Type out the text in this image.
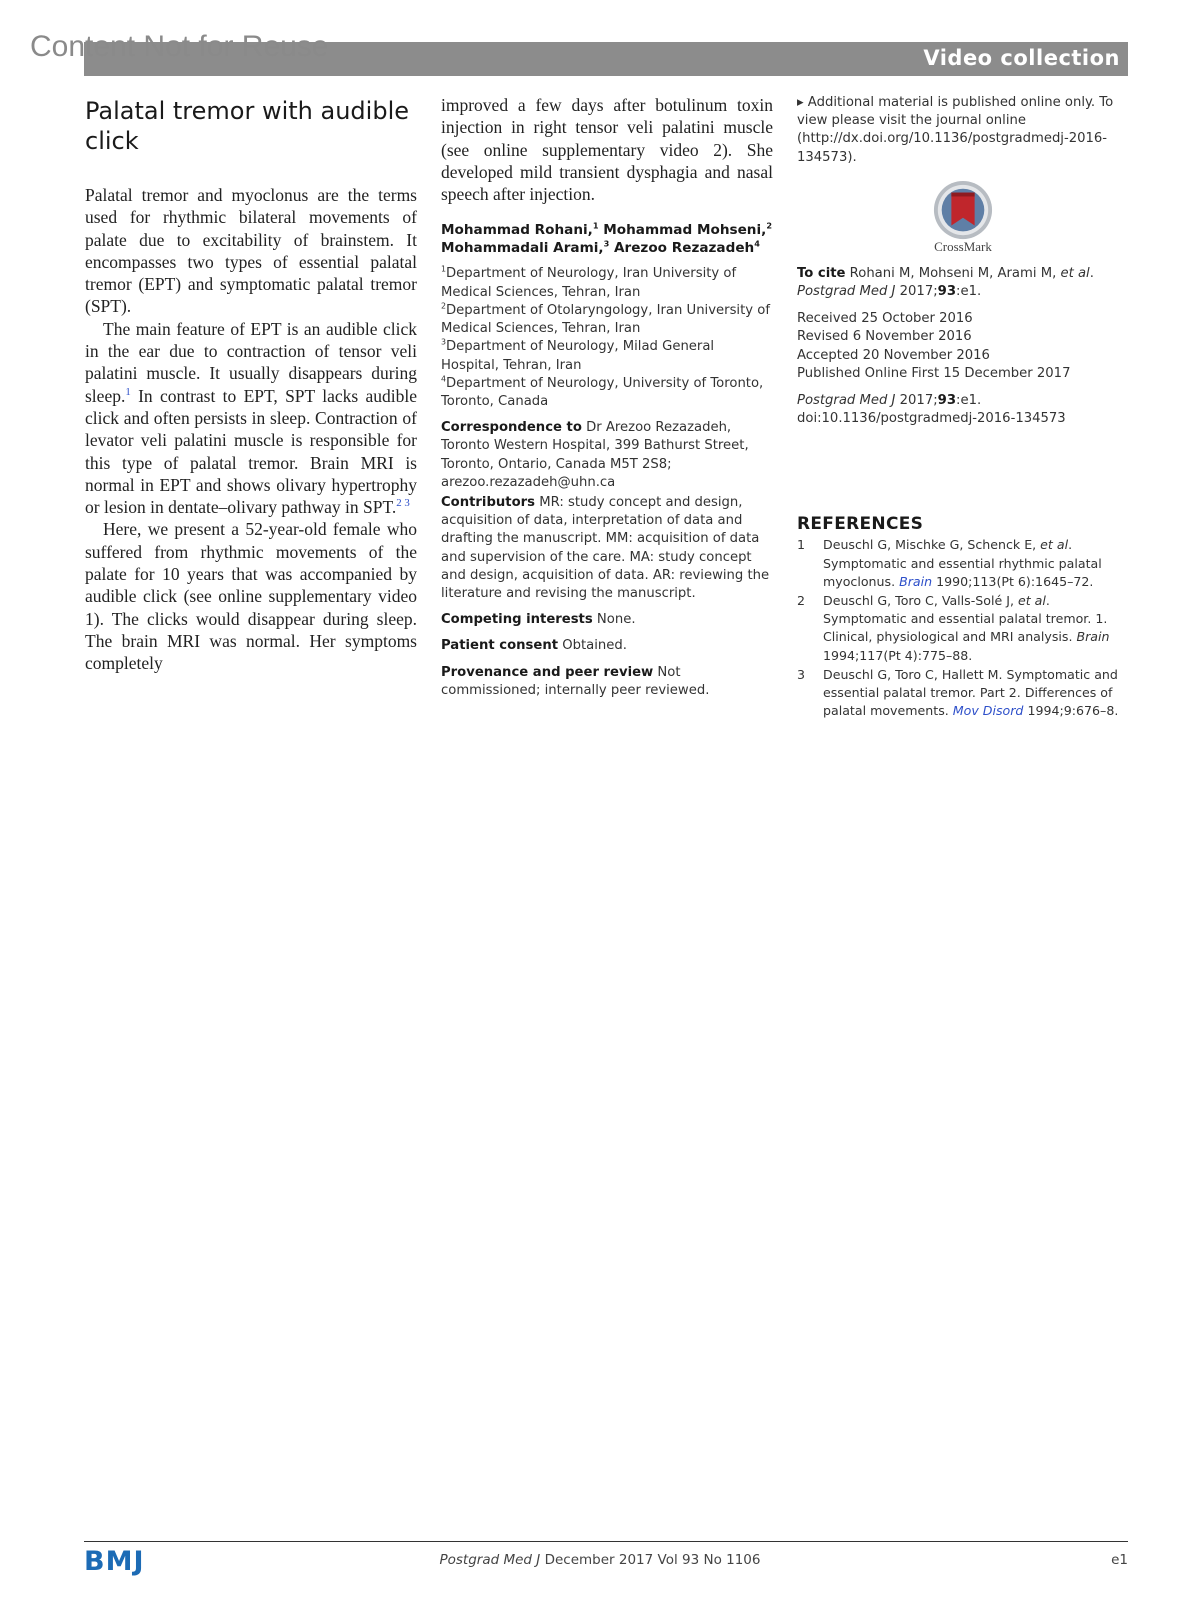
Content Not for Reuse	Video collection
Palatal tremor with audible click

Palatal tremor and myoclonus are the terms used for rhythmic bilateral movements of palate due to excitability of brainstem. It encompasses two types of essential palatal tremor (EPT) and symptomatic palatal tremor (SPT).

The main feature of EPT is an audible click in the ear due to contraction of tensor veli palatini muscle. It usually disappears during sleep.$^1$ In contrast to EPT, SPT lacks audible click and often persists in sleep. Contraction of levator veli palatini muscle is responsible for this type of palatal tremor. Brain MRI is normal in EPT and shows olivary hypertrophy or lesion in dentate–olivary pathway in SPT.$^{2 3}$

Here, we present a 52-year-old female who suffered from rhythmic movements of the palate for 10 years that was accompanied by audible click (see online supplementary video 1). The clicks would disappear during sleep. The brain MRI was normal. Her symptoms completely

improved a few days after botulinum toxin injection in right tensor veli palatini muscle (see online supplementary video 2). She developed mild transient dysphagia and nasal speech after injection.

Mohammad Rohani,$^1$ Mohammad Mohseni,$^2$
Mohammadali Arami,$^3$ Arezoo Rezazadeh$^4$
$^1$Department of Neurology, Iran University of Medical Sciences, Tehran, Iran
$^2$Department of Otolaryngology, Iran University of Medical Sciences, Tehran, Iran
$^3$Department of Neurology, Milad General Hospital, Tehran, Iran
$^4$Department of Neurology, University of Toronto, Toronto, Canada
Correspondence to Dr Arezoo Rezazadeh, Toronto Western Hospital, 399 Bathurst Street, Toronto, Ontario, Canada M5T 2S8; arezoo.rezazadeh@uhn.ca
Contributors MR: study concept and design, acquisition of data, interpretation of data and drafting the manuscript. MM: acquisition of data and supervision of the care. MA: study concept and design, acquisition of data. AR: reviewing the literature and revising the manuscript.
Competing interests None.
Patient consent Obtained.
Provenance and peer review Not commissioned; internally peer reviewed.
▸ Additional material is published online only. To view please visit the journal online (http://dx.doi.org/10.1136/postgradmedj-2016-134573).
CrossMark
To cite Rohani M, Mohseni M, Arami M, et al. Postgrad Med J 2017;93:e1.
Received 25 October 2016
Revised 6 November 2016
Accepted 20 November 2016
Published Online First 15 December 2017
Postgrad Med J 2017;93:e1.
doi:10.1136/postgradmedj-2016-134573
REFERENCES
1	Deuschl G, Mischke G, Schenck E, et al. Symptomatic and essential rhythmic palatal myoclonus. Brain 1990;113(Pt 6):1645–72.
2	Deuschl G, Toro C, Valls-Solé J, et al. Symptomatic and essential palatal tremor. 1. Clinical, physiological and MRI analysis. Brain 1994;117(Pt 4):775–88.
3	Deuschl G, Toro C, Hallett M. Symptomatic and essential palatal tremor. Part 2. Differences of palatal movements. Mov Disord 1994;9:676–8.
BMJ	Postgrad Med J December 2017 Vol 93 No 1106	e1
